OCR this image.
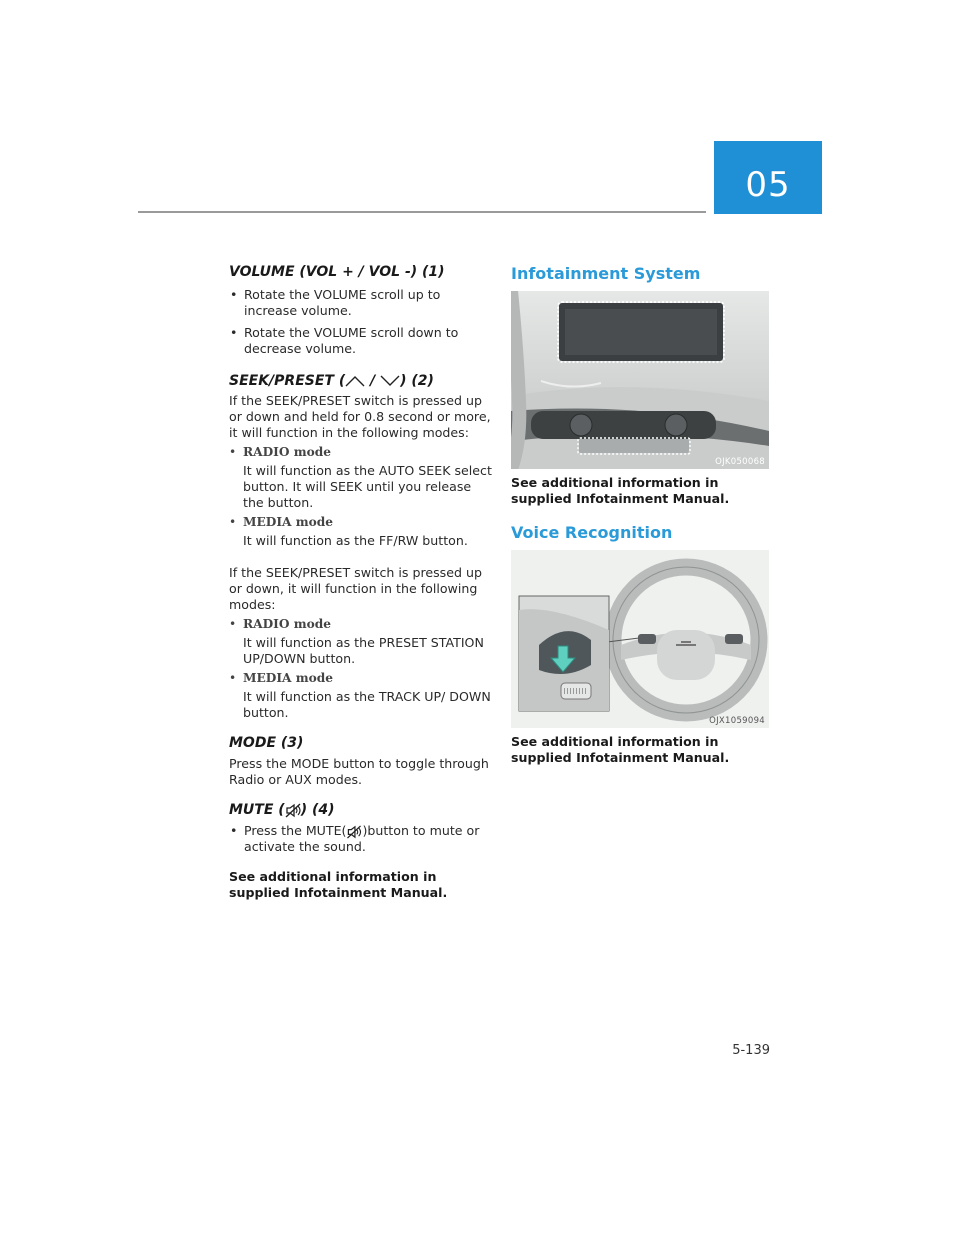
05
VOLUME (VOL + / VOL -) (1)
• Rotate the VOLUME scroll up to increase volume.
• Rotate the VOLUME scroll down to decrease volume.
SEEK/PRESET ( / ) (2)

If the SEEK/PRESET switch is pressed up or down and held for 0.8 second or more, it will function in the following modes:

• RADIO mode
It will function as the AUTO SEEK select button. It will SEEK until you release the button.
• MEDIA mode
It will function as the FF/RW button.

If the SEEK/PRESET switch is pressed up or down, it will function in the following modes:

• RADIO mode
It will function as the PRESET STATION UP/DOWN button.
• MEDIA mode
It will function as the TRACK UP/ DOWN button.
MODE (3)

Press the MODE button to toggle through Radio or AUX modes.

MUTE ( ) (4)
• Press the MUTE( )button to mute or activate the sound.
See additional information in supplied Infotainment Manual.
Infotainment System
OJK050068
See additional information in supplied Infotainment Manual.
Voice Recognition
OJX1059094
See additional information in supplied Infotainment Manual.
5-139
